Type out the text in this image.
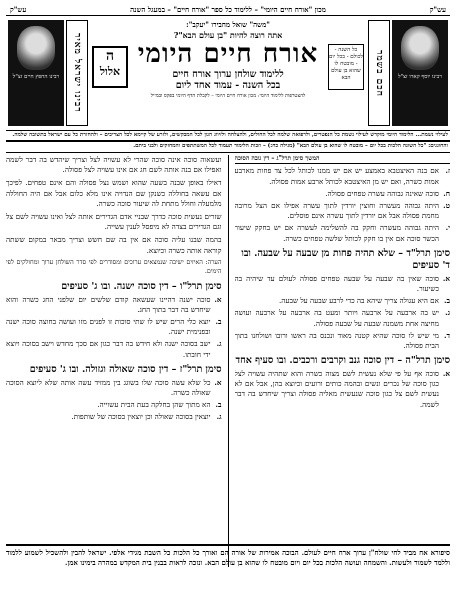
עש"ק
מכון "אורח חיים היומי" – ללימוד כל ספר "אורח חיים" – במעגל השנה
עש"ק
רבינו יוסף קארו זצ"ל
חכם בשמר
"משה" שואל מחבירו "יעקב":
אתה רוצה להיות "בן עולם הבא"?
אורח חיים היומי
ללימוד שולחן ערוך אורח חיים
בכל השנה - עמוד אחד ליום
להצטרפות ללימוד היומי: מכון אורח חיים היומי – לקבלת הדף היומי בפקס ובמייל
ה
אלול
כל השנה - לכולם - בכל יום - מובטח לו שהוא בן עולם הבא
רבינו ישראל מאיר
רבינו החפץ חיים זצ"ל
לעילוי נשמת... הלימוד היומי מוקדש לעילוי נשמת כל הנפטרים, ולרפואה שלמה לכל החולים, ולהצלחה ולזיווג הגון לכל המבקשים, ולזרע של קיימא לכל הצריכים – ולהחזרת כל עם ישראל בתשובה שלמה.
והחוגגים: "כל השונה הלכות בכל יום – מובטח לו שהוא בן עולם הבא" (מגילה כח:) – וזכות הלימוד תעמוד לכל המשתתפים והמחזקים ולבני ביתם.
המשך סימן תרל"ג – דין גובה הסוכה
ז.
אם בנה האיצטבא באמצע יש אם יש ממנו לכותל לכל צד פחות מארבע אמות כשרה, ואם יש מן האיצטבא לכותל ארבע אמות פסולה.
ח.
סוכה שאינה גבוהה עשרה טפחים פסולה.
ט.
היתה גבוהה מעשרה וחוצין יורדין לתוך עשרה אפילו אם הצל מרובה מחמת פסולה אבל אם יורדין לתוך עשרה אינם פוסלים.
י.
היתה גבוהה מעשרה וחקק בה להשלימה לעשרה אם יש בחקק שיעור הכשר סוכה אם אין בו חקק לכותל שלשה טפחים כשרה.
סימן תרל"ד – שלא תהיה פחות מן שבעה על שבעה. ובו ד' סעיפים
א.
סוכה שאין בה שבעה על שבעה טפחים פסולה לעולם עד שיהיה בה כשיעור.
ב.
אם היא עגולה צריך שיהא בה כדי לרבע שבעה על שבעה.
ג.
יש בה ארבעה על ארבעה ויותר ומעט בה ארבעה על ארבעה ועושה מחיצה אחת משמנה שבעה על שבעה פסולה.
ד.
מי שיש לו סוכה שהיא קטנה מאוד ונכנס בה ראשו ורובו ושולחנו בתוך הבית פסולה.
סימן תרל"ה – דין סוכה גנב וקרבים ורכבים. ובו סעיף אחד
א.
סוכה אף על פי שלא נעשית לשם מצוה כשרה והוא שתהיה עשויה לצל כגון סוכה של נכרים ונשים ובהמה כותים ורועים וכיוצא בהן, אבל אם לא נעשית לשם צל כגון סוכה שנעשית מאליה פסולה וצריך שיחדש בה דבר לשמה.
ועשאוה סוכה אינה סוכה שהרי לא עשויה לצל וצריך שיהדש בה דבר לשמה ואפילו אם בנה אותה לשם חג אם אינו עשויה לצל פסולה.
דאילו באופן שבנה בשעה שהוא ושמש נצל פסולה והם אינם טפחים. לפיכך אם עשאה בחוללה כשנקן שם הנדויה אינו מלא כלום אבל אם היה החוללה מלמעלה וחולל מתחת לה שיעור סוכה כשרה.
שזרים נעשית סוכה כדרך שבניי אדם הגדירים אותה לצל ואינו עשויה לשם צל וגם הגדירים בצדה לא מיפסל לענין עשייה.
בהמה שבנו עליה סוכה אם אין בה שם חשש וצריך מבאר במקום ששתה קוראה אותה כשרה וכיוצא.
הערה: האיזים ישיבה שנמצאים ערוכים ומסודרים לפי סדר השולחן ערוך ומחולקים לפי הימים.
סימן תרל"ו – דין סוכה ישנה. ובו ג' סעיפים
א.
סוכה ישנה דהיינו שעשאה קודם שלשים יום שלפני החג כשרה והוא שיחדש בה דבר בתוך החג.
ב.
יוצא כלי הרים שיש לו שתי סוכות זו לפנים מזו ועושה בחוצה סוכה ישנה ובפנימית ישנה.
ג.
ישב בסוכה ישנה ולא חידש בה דבר כגון אם סכך מחדש וישב בסוכה ויוצא ידי חובתו.
סימן תרל"ז – דין סוכה שאולה וגזולה. ובו ג' סעיפים
א.
כל שלא עשה סוכה שלו בשוגג בין ממזיד עשה אותה שלא ליוצא הסוכה שאולה כשרה.
ב.
הא מתוך שהן בחלקה בעת הבית עשוייה.
ג.
יוצאין בסוכה שאולה וכן יוצאין בסוכה של שותפות.
סיפורא אח מביד לחי שולח"ן ערוך ארח חיים לעולם. הבוכה אמירות של אורה הם ואורך כל הלכות כל השבת מגידי אלפי. ישראל להבין ולהשכיל לשמוע ללמוד וללמד לשמור ולעשות. והשמחה ועושה הלכות בכל יום ויום מובטח לו שהוא בן עולם הבא. ונזכה לראות בבנין בית המקדש במהרה בימינו אמן.
